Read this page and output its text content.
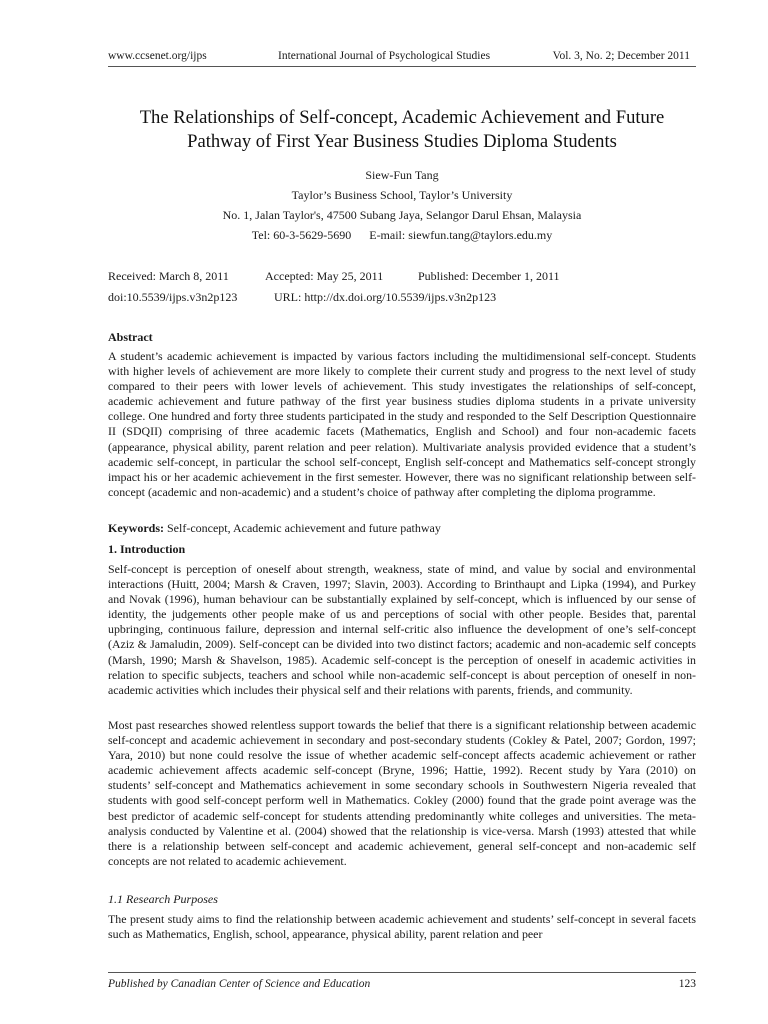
www.ccsenet.org/ijps	International Journal of Psychological Studies	Vol. 3, No. 2; December 2011
The Relationships of Self-concept, Academic Achievement and Future
Pathway of First Year Business Studies Diploma Students
Siew-Fun Tang
Taylor’s Business School, Taylor’s University
No. 1, Jalan Taylor's, 47500 Subang Jaya, Selangor Darul Ehsan, Malaysia
Tel: 60-3-5629-5690 E-mail: siewfun.tang@taylors.edu.my
Received: March 8, 2011	Accepted: May 25, 2011	Published: December 1, 2011
doi:10.5539/ijps.v3n2p123	URL: http://dx.doi.org/10.5539/ijps.v3n2p123
Abstract
A student’s academic achievement is impacted by various factors including the multidimensional self-concept. Students with higher levels of achievement are more likely to complete their current study and progress to the next level of study compared to their peers with lower levels of achievement. This study investigates the relationships of self-concept, academic achievement and future pathway of the first year business studies diploma students in a private university college. One hundred and forty three students participated in the study and responded to the Self Description Questionnaire II (SDQII) comprising of three academic facets (Mathematics, English and School) and four non-academic facets (appearance, physical ability, parent relation and peer relation). Multivariate analysis provided evidence that a student’s academic self-concept, in particular the school self-concept, English self-concept and Mathematics self-concept strongly impact his or her academic achievement in the first semester. However, there was no significant relationship between self-concept (academic and non-academic) and a student’s choice of pathway after completing the diploma programme.
Keywords: Self-concept, Academic achievement and future pathway
1. Introduction
Self-concept is perception of oneself about strength, weakness, state of mind, and value by social and environmental interactions (Huitt, 2004; Marsh & Craven, 1997; Slavin, 2003). According to Brinthaupt and Lipka (1994), and Purkey and Novak (1996), human behaviour can be substantially explained by self-concept, which is influenced by our sense of identity, the judgements other people make of us and perceptions of social with other people. Besides that, parental upbringing, continuous failure, depression and internal self-critic also influence the development of one’s self-concept (Aziz & Jamaludin, 2009). Self-concept can be divided into two distinct factors; academic and non-academic self concepts (Marsh, 1990; Marsh & Shavelson, 1985). Academic self-concept is the perception of oneself in academic activities in relation to specific subjects, teachers and school while non-academic self-concept is about perception of oneself in non-academic activities which includes their physical self and their relations with parents, friends, and community.
Most past researches showed relentless support towards the belief that there is a significant relationship between academic self-concept and academic achievement in secondary and post-secondary students (Cokley & Patel, 2007; Gordon, 1997; Yara, 2010) but none could resolve the issue of whether academic self-concept affects academic achievement or rather academic achievement affects academic self-concept (Bryne, 1996; Hattie, 1992). Recent study by Yara (2010) on students’ self-concept and Mathematics achievement in some secondary schools in Southwestern Nigeria revealed that students with good self-concept perform well in Mathematics. Cokley (2000) found that the grade point average was the best predictor of academic self-concept for students attending predominantly white colleges and universities. The meta-analysis conducted by Valentine et al. (2004) showed that the relationship is vice-versa. Marsh (1993) attested that while there is a relationship between self-concept and academic achievement, general self-concept and non-academic self concepts are not related to academic achievement.
1.1 Research Purposes
The present study aims to find the relationship between academic achievement and students’ self-concept in several facets such as Mathematics, English, school, appearance, physical ability, parent relation and peer
Published by Canadian Center of Science and Education	123
